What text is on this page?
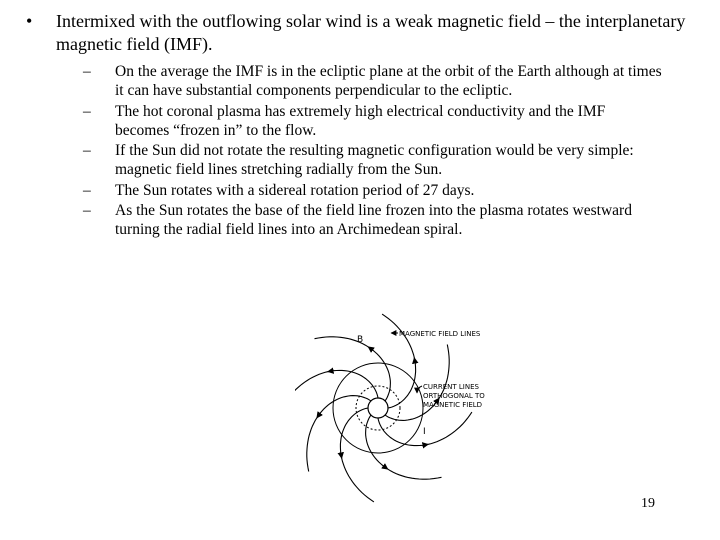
• Intermixed with the outflowing solar wind is a weak magnetic field – the interplanetary magnetic field (IMF).
– On the average the IMF is in the ecliptic plane at the orbit of the Earth although at times it can have substantial components perpendicular to the ecliptic.
– The hot coronal plasma has extremely high electrical conductivity and the IMF becomes “frozen in” to the flow.
– If the Sun did not rotate the resulting magnetic configuration would be very simple: magnetic field lines stretching radially from the Sun.
– The Sun rotates with a sidereal rotation period of 27 days.
– As the Sun rotates the base of the field line frozen into the plasma rotates westward turning the radial field lines into an Archimedean spiral.
MAGNETIC FIELD LINES
CURRENT LINES
ORTHOGONAL TO
MAGNETIC FIELD
B
I
19
